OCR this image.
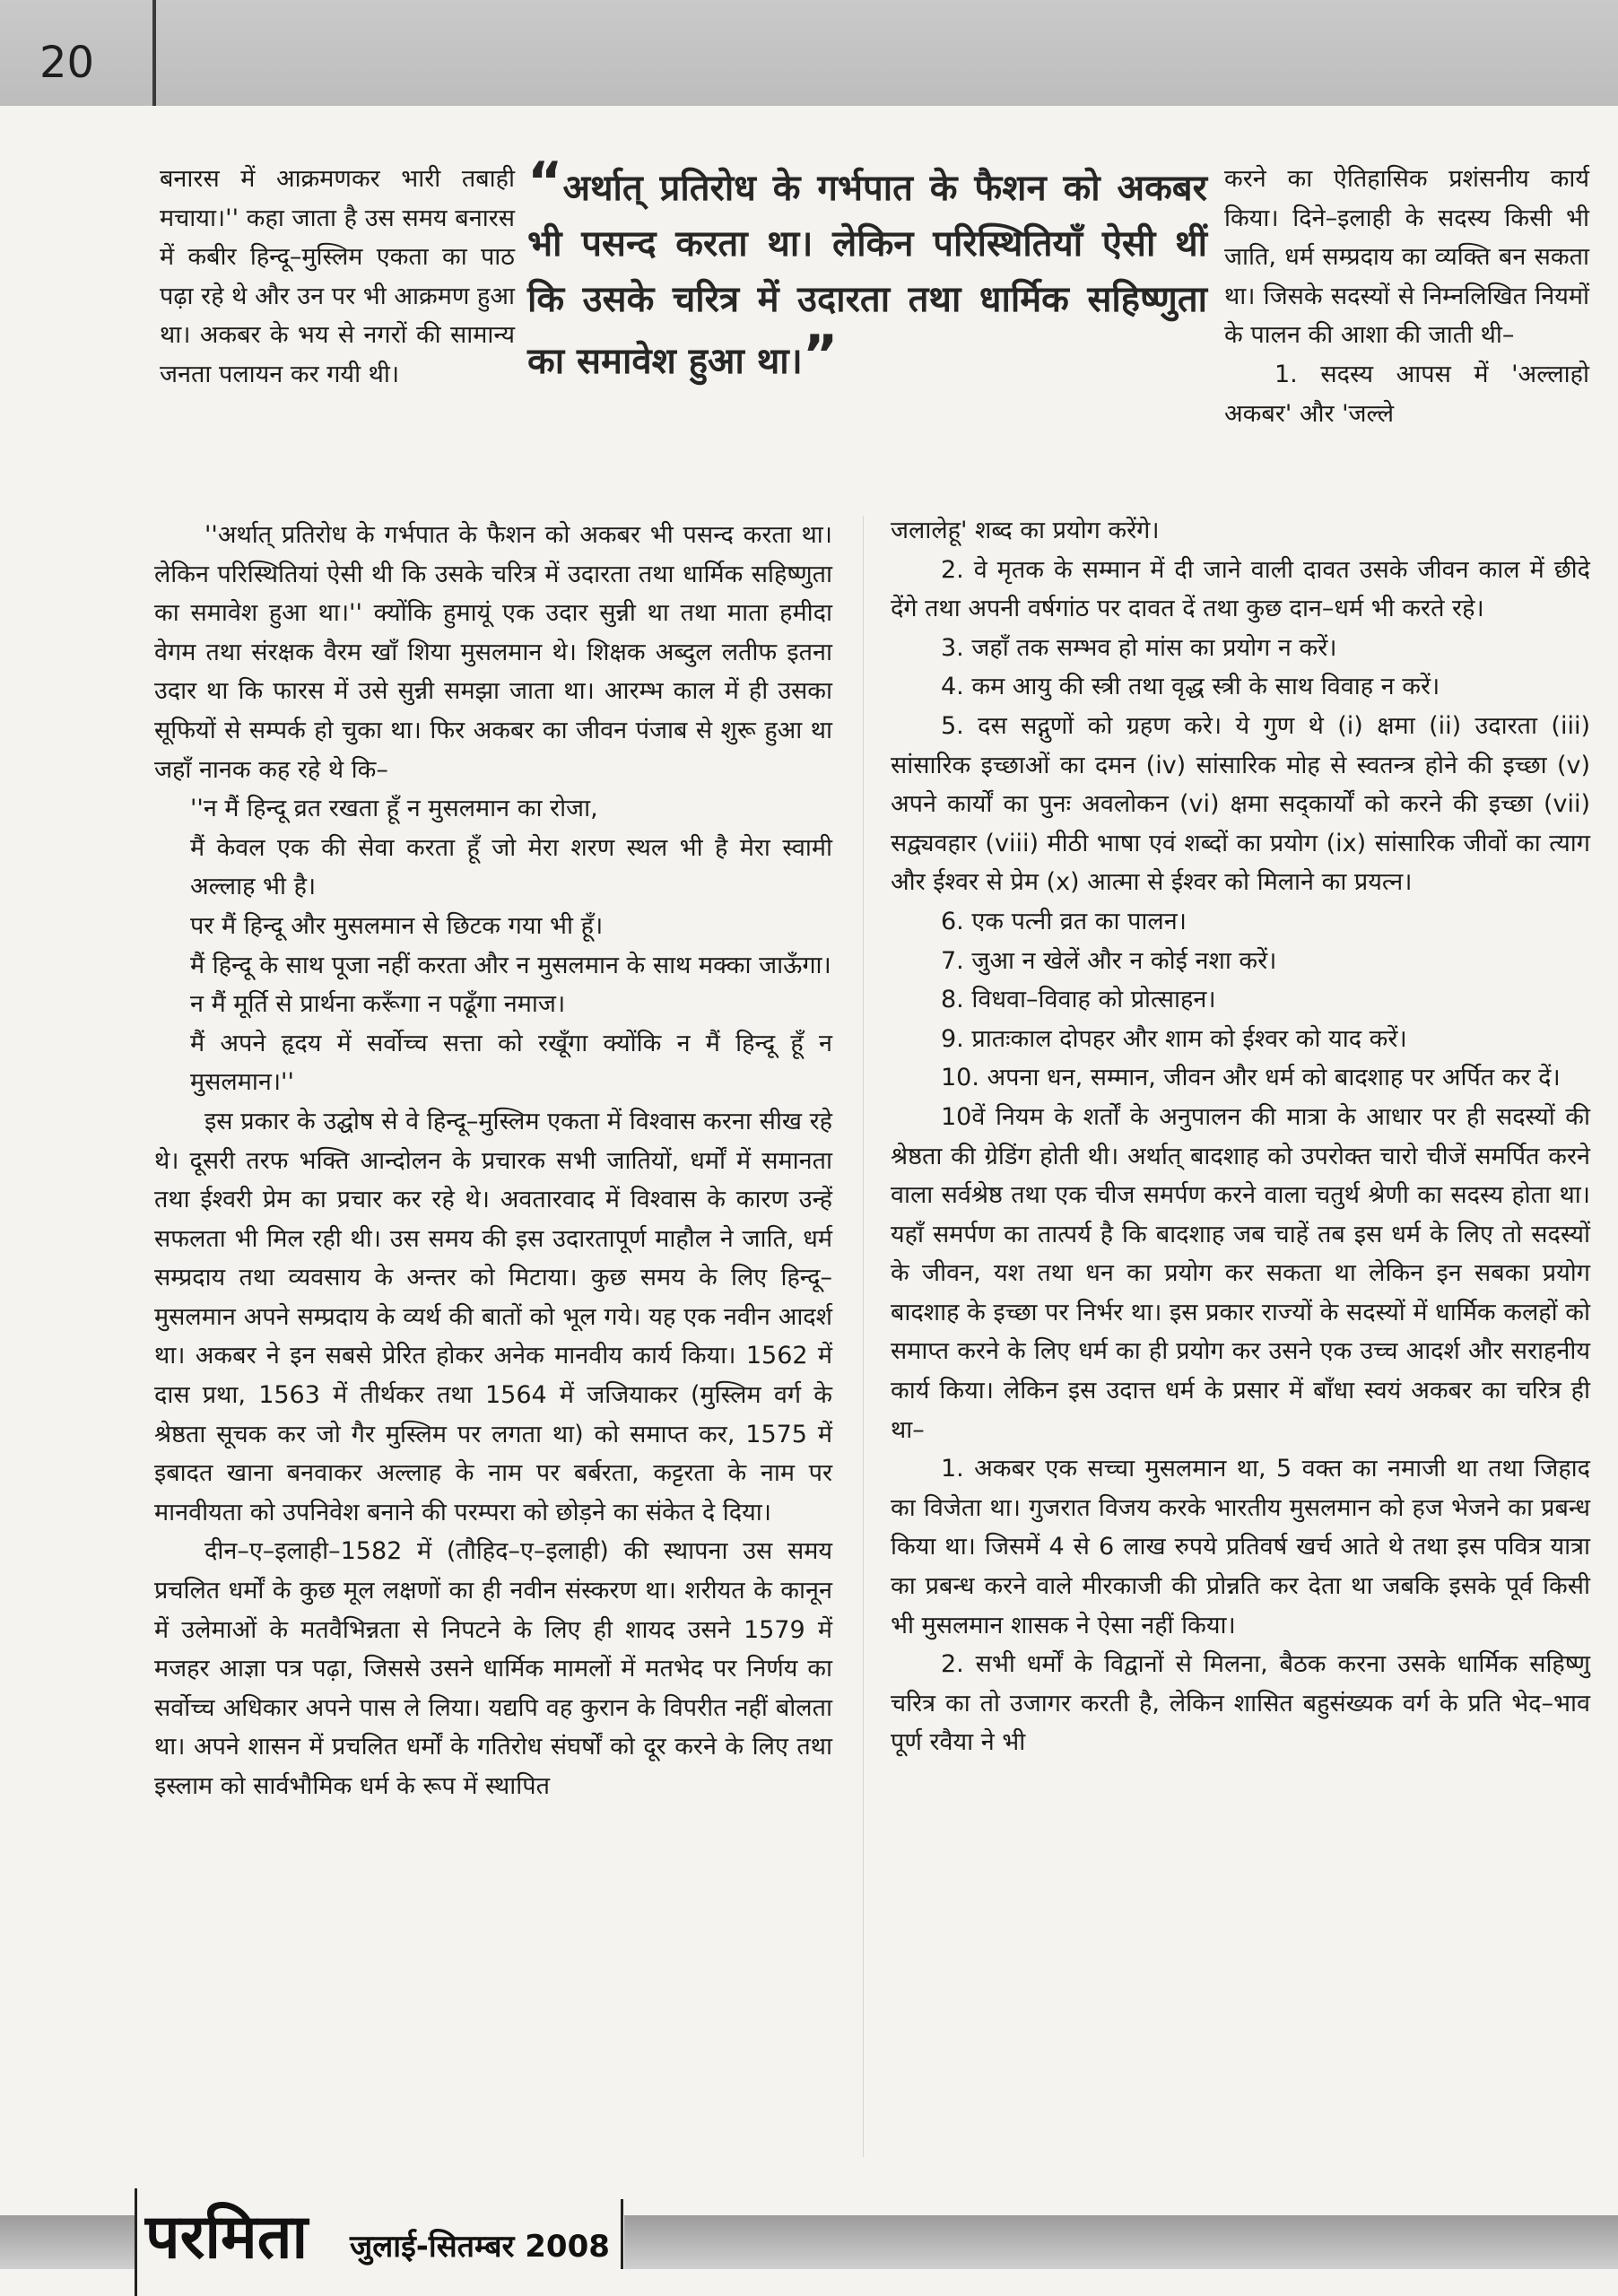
20

बनारस में आक्रमणकर भारी तबाही मचाया।'' कहा जाता है उस समय बनारस में कबीर हिन्दू–मुस्लिम एकता का पाठ पढ़ा रहे थे और उन पर भी आक्रमण हुआ था। अकबर के भय से नगरों की सामान्य जनता पलायन कर गयी थी।

“अर्थात् प्रतिरोध के गर्भपात के फैशन को अकबर भी पसन्द करता था। लेकिन परिस्थितियाँ ऐसी थीं कि उसके चरित्र में उदारता तथा धार्मिक सहिष्णुता का समावेश हुआ था।”

करने का ऐतिहासिक प्रशंसनीय कार्य किया। दिने–इलाही के सदस्य किसी भी जाति, धर्म सम्प्रदाय का व्यक्ति बन सकता था। जिसके सदस्यों से निम्नलिखित नियमों के पालन की आशा की जाती थी–

1. सदस्य आपस में 'अल्लाहो अकबर' और 'जल्ले

''अर्थात् प्रतिरोध के गर्भपात के फैशन को अकबर भी पसन्द करता था। लेकिन परिस्थितियां ऐसी थी कि उसके चरित्र में उदारता तथा धार्मिक सहिष्णुता का समावेश हुआ था।'' क्योंकि हुमायूं एक उदार सुन्नी था तथा माता हमीदा वेगम तथा संरक्षक वैरम खाँ शिया मुसलमान थे। शिक्षक अब्दुल लतीफ इतना उदार था कि फारस में उसे सुन्नी समझा जाता था। आरम्भ काल में ही उसका सूफियों से सम्पर्क हो चुका था। फिर अकबर का जीवन पंजाब से शुरू हुआ था जहाँ नानक कह रहे थे कि–

''न मैं हिन्दू व्रत रखता हूँ न मुसलमान का रोजा,

मैं केवल एक की सेवा करता हूँ जो मेरा शरण स्थल भी है मेरा स्वामी अल्लाह भी है।

पर मैं हिन्दू और मुसलमान से छिटक गया भी हूँ।

मैं हिन्दू के साथ पूजा नहीं करता और न मुसलमान के साथ मक्का जाऊँगा।

न मैं मूर्ति से प्रार्थना करूँगा न पढूँगा नमाज।

मैं अपने हृदय में सर्वोच्च सत्ता को रखूँगा क्योंकि न मैं हिन्दू हूँ न मुसलमान।''

इस प्रकार के उद्घोष से वे हिन्दू–मुस्लिम एकता में विश्वास करना सीख रहे थे। दूसरी तरफ भक्ति आन्दोलन के प्रचारक सभी जातियों, धर्मों में समानता तथा ईश्वरी प्रेम का प्रचार कर रहे थे। अवतारवाद में विश्वास के कारण उन्हें सफलता भी मिल रही थी। उस समय की इस उदारतापूर्ण माहौल ने जाति, धर्म सम्प्रदाय तथा व्यवसाय के अन्तर को मिटाया। कुछ समय के लिए हिन्दू–मुसलमान अपने सम्प्रदाय के व्यर्थ की बातों को भूल गये। यह एक नवीन आदर्श था। अकबर ने इन सबसे प्रेरित होकर अनेक मानवीय कार्य किया। 1562 में दास प्रथा, 1563 में तीर्थकर तथा 1564 में जजियाकर (मुस्लिम वर्ग के श्रेष्ठता सूचक कर जो गैर मुस्लिम पर लगता था) को समाप्त कर, 1575 में इबादत खाना बनवाकर अल्लाह के नाम पर बर्बरता, कट्टरता के नाम पर मानवीयता को उपनिवेश बनाने की परम्परा को छोड़ने का संकेत दे दिया।

दीन–ए–इलाही–1582 में (तौहिद–ए–इलाही) की स्थापना उस समय प्रचलित धर्मों के कुछ मूल लक्षणों का ही नवीन संस्करण था। शरीयत के कानून में उलेमाओं के मतवैभिन्नता से निपटने के लिए ही शायद उसने 1579 में मजहर आज्ञा पत्र पढ़ा, जिससे उसने धार्मिक मामलों में मतभेद पर निर्णय का सर्वोच्च अधिकार अपने पास ले लिया। यद्यपि वह कुरान के विपरीत नहीं बोलता था। अपने शासन में प्रचलित धर्मों के गतिरोध संघर्षों को दूर करने के लिए तथा इस्लाम को सार्वभौमिक धर्म के रूप में स्थापित

जलालेहू' शब्द का प्रयोग करेंगे।

2. वे मृतक के सम्मान में दी जाने वाली दावत उसके जीवन काल में छीदे देंगे तथा अपनी वर्षगांठ पर दावत दें तथा कुछ दान–धर्म भी करते रहे।

3. जहाँ तक सम्भव हो मांस का प्रयोग न करें।

4. कम आयु की स्त्री तथा वृद्ध स्त्री के साथ विवाह न करें।

5. दस सद्गुणों को ग्रहण करे। ये गुण थे (i) क्षमा (ii) उदारता (iii) सांसारिक इच्छाओं का दमन (iv) सांसारिक मोह से स्वतन्त्र होने की इच्छा (v) अपने कार्यों का पुनः अवलोकन (vi) क्षमा सद्कार्यों को करने की इच्छा (vii) सद्व्यवहार (viii) मीठी भाषा एवं शब्दों का प्रयोग (ix) सांसारिक जीवों का त्याग और ईश्वर से प्रेम (x) आत्मा से ईश्वर को मिलाने का प्रयत्न।

6. एक पत्नी व्रत का पालन।

7. जुआ न खेलें और न कोई नशा करें।

8. विधवा–विवाह को प्रोत्साहन।

9. प्रातःकाल दोपहर और शाम को ईश्वर को याद करें।

10. अपना धन, सम्मान, जीवन और धर्म को बादशाह पर अर्पित कर दें।

10वें नियम के शर्तों के अनुपालन की मात्रा के आधार पर ही सदस्यों की श्रेष्ठता की ग्रेडिंग होती थी। अर्थात् बादशाह को उपरोक्त चारो चीजें समर्पित करने वाला सर्वश्रेष्ठ तथा एक चीज समर्पण करने वाला चतुर्थ श्रेणी का सदस्य होता था। यहाँ समर्पण का तात्पर्य है कि बादशाह जब चाहें तब इस धर्म के लिए तो सदस्यों के जीवन, यश तथा धन का प्रयोग कर सकता था लेकिन इन सबका प्रयोग बादशाह के इच्छा पर निर्भर था। इस प्रकार राज्यों के सदस्यों में धार्मिक कलहों को समाप्त करने के लिए धर्म का ही प्रयोग कर उसने एक उच्च आदर्श और सराहनीय कार्य किया। लेकिन इस उदात्त धर्म के प्रसार में बाँधा स्वयं अकबर का चरित्र ही था–

1. अकबर एक सच्चा मुसलमान था, 5 वक्त का नमाजी था तथा जिहाद का विजेता था। गुजरात विजय करके भारतीय मुसलमान को हज भेजने का प्रबन्ध किया था। जिसमें 4 से 6 लाख रुपये प्रतिवर्ष खर्च आते थे तथा इस पवित्र यात्रा का प्रबन्ध करने वाले मीरकाजी की प्रोन्नति कर देता था जबकि इसके पूर्व किसी भी मुसलमान शासक ने ऐसा नहीं किया।

2. सभी धर्मों के विद्वानों से मिलना, बैठक करना उसके धार्मिक सहिष्णु चरित्र का तो उजागर करती है, लेकिन शासित बहुसंख्यक वर्ग के प्रति भेद–भाव पूर्ण रवैया ने भी

परमिता जुलाई-सितम्बर 2008
